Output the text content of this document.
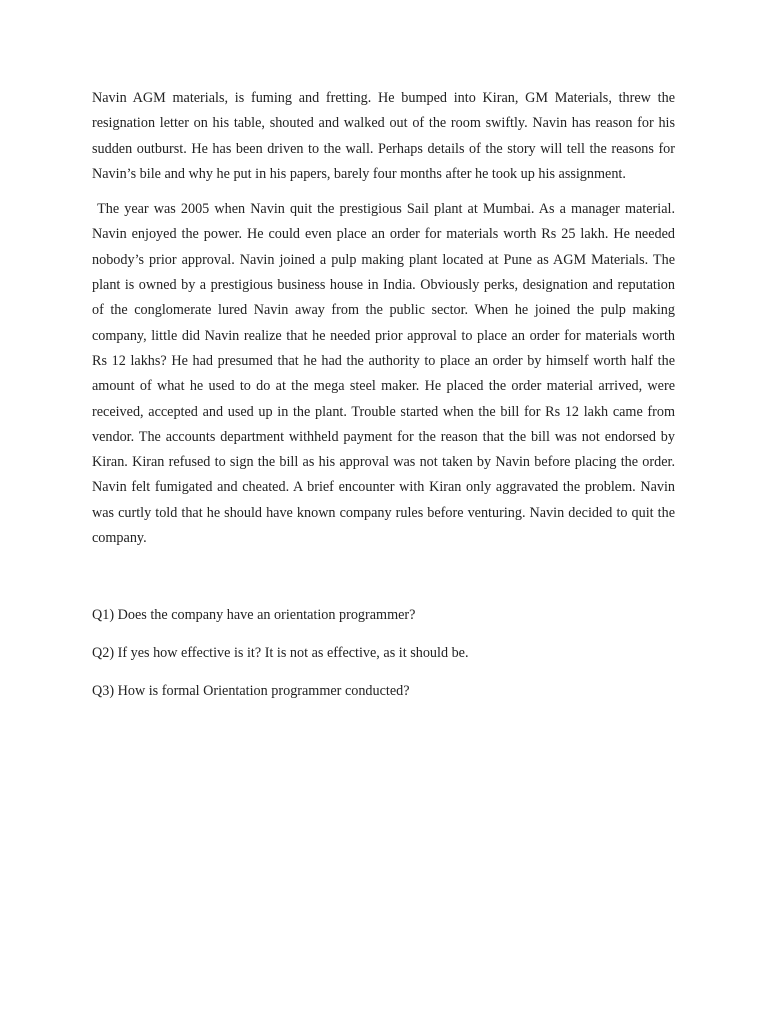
Navin AGM materials, is fuming and fretting. He bumped into Kiran, GM Materials, threw the resignation letter on his table, shouted and walked out of the room swiftly. Navin has reason for his sudden outburst. He has been driven to the wall. Perhaps details of the story will tell the reasons for Navin’s bile and why he put in his papers, barely four months after he took up his assignment.

The year was 2005 when Navin quit the prestigious Sail plant at Mumbai. As a manager material. Navin enjoyed the power. He could even place an order for materials worth Rs 25 lakh. He needed nobody’s prior approval. Navin joined a pulp making plant located at Pune as AGM Materials. The plant is owned by a prestigious business house in India. Obviously perks, designation and reputation of the conglomerate lured Navin away from the public sector. When he joined the pulp making company, little did Navin realize that he needed prior approval to place an order for materials worth Rs 12 lakhs? He had presumed that he had the authority to place an order by himself worth half the amount of what he used to do at the mega steel maker. He placed the order material arrived, were received, accepted and used up in the plant. Trouble started when the bill for Rs 12 lakh came from vendor. The accounts department withheld payment for the reason that the bill was not endorsed by Kiran. Kiran refused to sign the bill as his approval was not taken by Navin before placing the order. Navin felt fumigated and cheated. A brief encounter with Kiran only aggravated the problem. Navin was curtly told that he should have known company rules before venturing. Navin decided to quit the company.

Q1) Does the company have an orientation programmer?

Q2) If yes how effective is it? It is not as effective, as it should be.

Q3) How is formal Orientation programmer conducted?
